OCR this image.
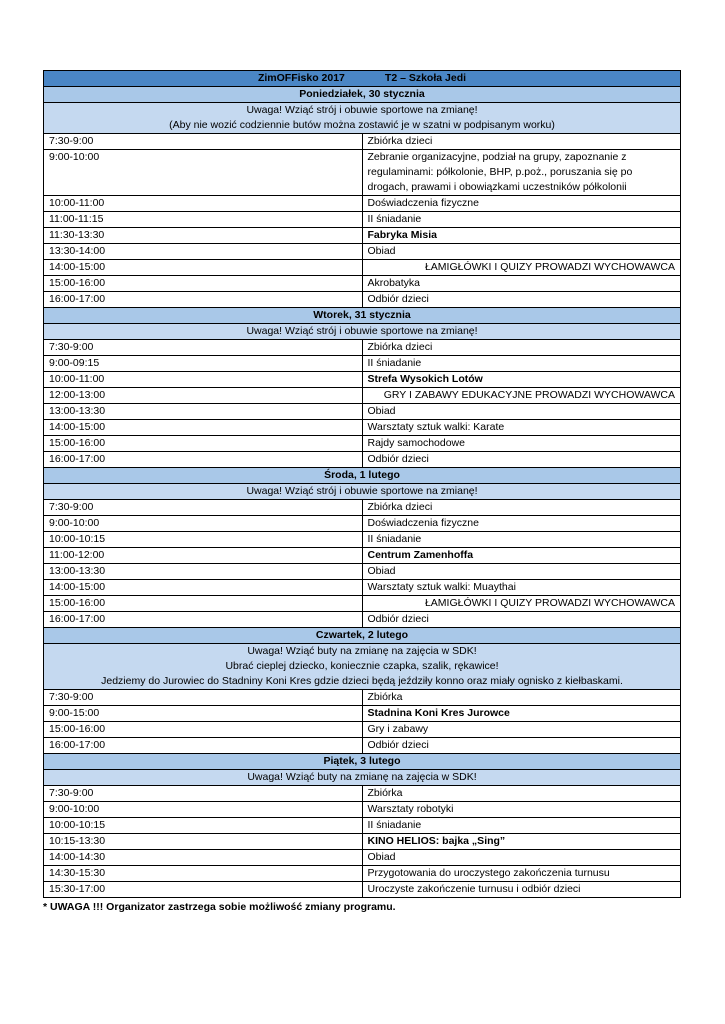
ZimOFFisko 2017 T2 – Szkoła Jedi	
Poniedziałek, 30 stycznia	

Uwaga! Wziąć strój i obuwie sportowe na zmianę!
(Aby nie wozić codziennie butów można zostawić je w szatni w podpisanym worku)	

7:30-9:00	Zbiórka dzieci
9:00-10:00	Zebranie organizacyjne, podział na grupy, zapoznanie z regulaminami: półkolonie, BHP, p.poż., poruszania się po drogach, prawami i obowiązkami uczestników półkolonii
10:00-11:00	Doświadczenia fizyczne
11:00-11:15	II śniadanie
11:30-13:30	Fabryka Misia
13:30-14:00	Obiad
14:00-15:00	ŁAMIGŁÓWKI I QUIZY PROWADZI WYCHOWAWCA
15:00-16:00	Akrobatyka
16:00-17:00	Odbiór dzieci
Wtorek, 31 stycznia	

Uwaga! Wziąć strój i obuwie sportowe na zmianę!	

7:30-9:00	Zbiórka dzieci
9:00-09:15	II śniadanie
10:00-11:00	Strefa Wysokich Lotów
12:00-13:00	GRY I ZABAWY EDUKACYJNE PROWADZI WYCHOWAWCA
13:00-13:30	Obiad
14:00-15:00	Warsztaty sztuk walki: Karate
15:00-16:00	Rajdy samochodowe
16:00-17:00	Odbiór dzieci
Środa, 1 lutego	

Uwaga! Wziąć strój i obuwie sportowe na zmianę!	

7:30-9:00	Zbiórka dzieci
9:00-10:00	Doświadczenia fizyczne
10:00-10:15	II śniadanie
11:00-12:00	Centrum Zamenhoffa
13:00-13:30	Obiad
14:00-15:00	Warsztaty sztuk walki: Muaythai
15:00-16:00	ŁAMIGŁÓWKI I QUIZY PROWADZI WYCHOWAWCA
16:00-17:00	Odbiór dzieci
Czwartek, 2 lutego	

Uwaga! Wziąć buty na zmianę na zajęcia w SDK!
Ubrać cieplej dziecko, koniecznie czapka, szalik, rękawice!
Jedziemy do Jurowiec do Stadniny Koni Kres gdzie dzieci będą jeździły konno oraz miały ognisko z kiełbaskami.	

7:30-9:00	Zbiórka
9:00-15:00	Stadnina Koni Kres Jurowce
15:00-16:00	Gry i zabawy
16:00-17:00	Odbiór dzieci
Piątek, 3 lutego	

Uwaga! Wziąć buty na zmianę na zajęcia w SDK!	

7:30-9:00	Zbiórka
9:00-10:00	Warsztaty robotyki
10:00-10:15	II śniadanie
10:15-13:30	KINO HELIOS: bajka „Sing”
14:00-14:30	Obiad
14:30-15:30	Przygotowania do uroczystego zakończenia turnusu
15:30-17:00	Uroczyste zakończenie turnusu i odbiór dzieci
* UWAGA !!! Organizator zastrzega sobie możliwość zmiany programu.
